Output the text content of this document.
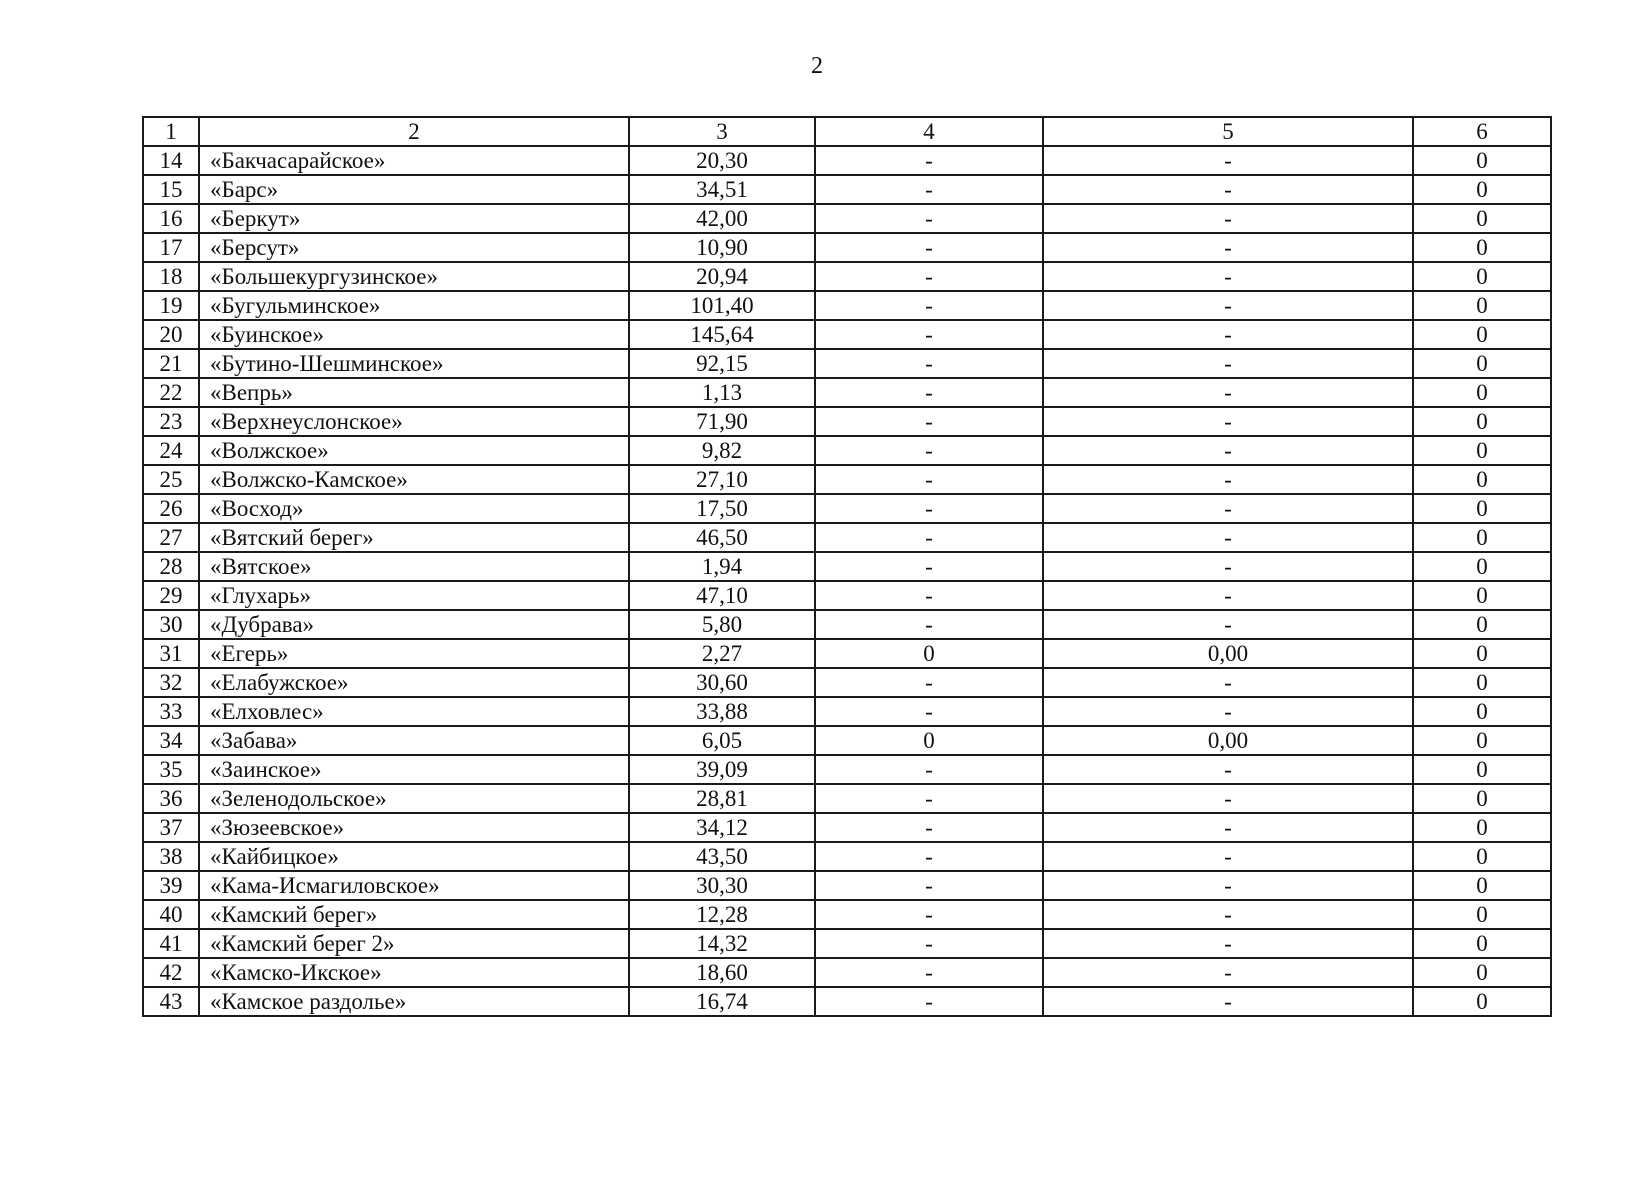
2
1	2	3	4	5	6
14	«Бакчасарайское»	20,30	-	-	0
15	«Барс»	34,51	-	-	0
16	«Беркут»	42,00	-	-	0
17	«Берсут»	10,90	-	-	0
18	«Большекургузинское»	20,94	-	-	0
19	«Бугульминское»	101,40	-	-	0
20	«Буинское»	145,64	-	-	0
21	«Бутино-Шешминское»	92,15	-	-	0
22	«Вепрь»	1,13	-	-	0
23	«Верхнеуслонское»	71,90	-	-	0
24	«Волжское»	9,82	-	-	0
25	«Волжско-Камское»	27,10	-	-	0
26	«Восход»	17,50	-	-	0
27	«Вятский берег»	46,50	-	-	0
28	«Вятское»	1,94	-	-	0
29	«Глухарь»	47,10	-	-	0
30	«Дубрава»	5,80	-	-	0
31	«Егерь»	2,27	0	0,00	0
32	«Елабужское»	30,60	-	-	0
33	«Елховлес»	33,88	-	-	0
34	«Забава»	6,05	0	0,00	0
35	«Заинское»	39,09	-	-	0
36	«Зеленодольское»	28,81	-	-	0
37	«Зюзеевское»	34,12	-	-	0
38	«Кайбицкое»	43,50	-	-	0
39	«Кама-Исмагиловское»	30,30	-	-	0
40	«Камский берег»	12,28	-	-	0
41	«Камский берег 2»	14,32	-	-	0
42	«Камско-Икское»	18,60	-	-	0
43	«Камское раздолье»	16,74	-	-	0
